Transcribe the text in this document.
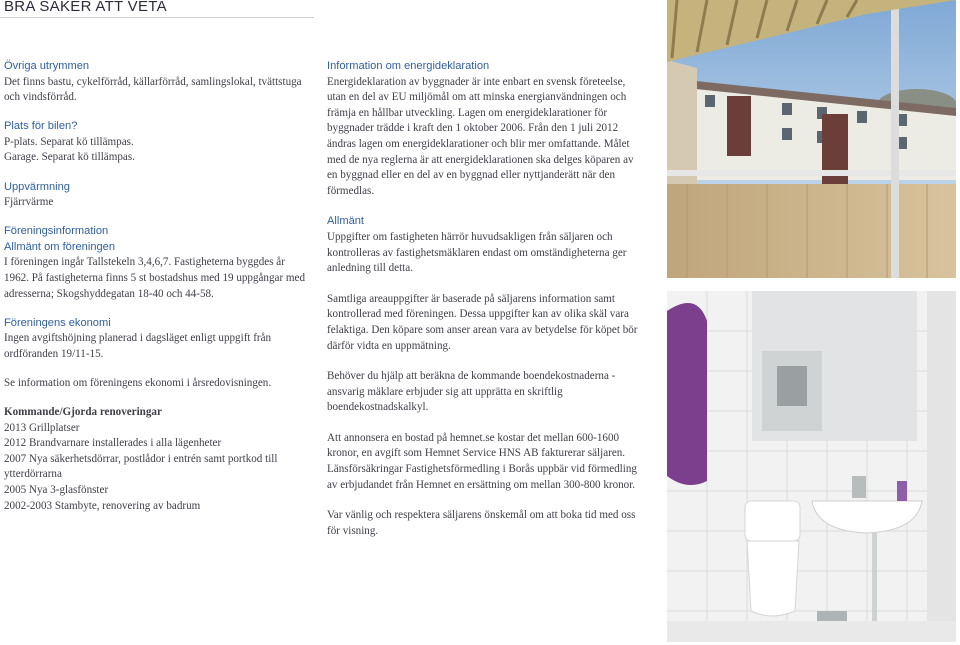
BRA SAKER ATT VETA
Övriga utrymmen
Det finns bastu, cykelförråd, källarförråd, samlingslokal, tvättstuga och vindsförråd.
Plats för bilen?
P-plats. Separat kö tillämpas.
Garage. Separat kö tillämpas.
Uppvärmning
Fjärrvärme
Föreningsinformation
Allmänt om föreningen
I föreningen ingår Tallstekeln 3,4,6,7. Fastigheterna byggdes år 1962. På fastigheterna finns 5 st bostadshus med 19 uppgångar med adresserna; Skogshyddegatan 18-40 och 44-58.
Föreningens ekonomi
Ingen avgiftshöjning planerad i dagsläget enligt uppgift från ordföranden 19/11-15.
Se information om föreningens ekonomi i årsredovisningen.
Kommande/Gjorda renoveringar
2013 Grillplatser
2012 Brandvarnare installerades i alla lägenheter
2007 Nya säkerhetsdörrar, postlådor i entrén samt portkod till ytterdörrarna
2005 Nya 3-glasfönster
2002-2003 Stambyte, renovering av badrum
Information om energideklaration
Energideklaration av byggnader är inte enbart en svensk företeelse, utan en del av EU miljömål om att minska energianvändningen och främja en hållbar utveckling. Lagen om energideklarationer för byggnader trädde i kraft den 1 oktober 2006. Från den 1 juli 2012 ändras lagen om energideklarationer och blir mer omfattande. Målet med de nya reglerna är att energideklarationen ska delges köparen av en byggnad eller en del av en byggnad eller nyttjanderätt när den förmedlas.
Allmänt
Uppgifter om fastigheten härrör huvudsakligen från säljaren och kontrolleras av fastighetsmäklaren endast om omständigheterna ger anledning till detta.
Samtliga areauppgifter är baserade på säljarens information samt kontrollerad med föreningen. Dessa uppgifter kan av olika skäl vara felaktiga. Den köpare som anser arean vara av betydelse för köpet bör därför vidta en uppmätning.
Behöver du hjälp att beräkna de kommande boendekostnaderna - ansvarig mäklare erbjuder sig att upprätta en skriftlig boendekostnadskalkyl.
Att annonsera en bostad på hemnet.se kostar det mellan 600-1600 kronor, en avgift som Hemnet Service HNS AB fakturerar säljaren. Länsförsäkringar Fastighetsförmedling i Borås uppbär vid förmedling av erbjudandet från Hemnet en ersättning om mellan 300-800 kronor.
Var vänlig och respektera säljarens önskemål om att boka tid med oss för visning.
